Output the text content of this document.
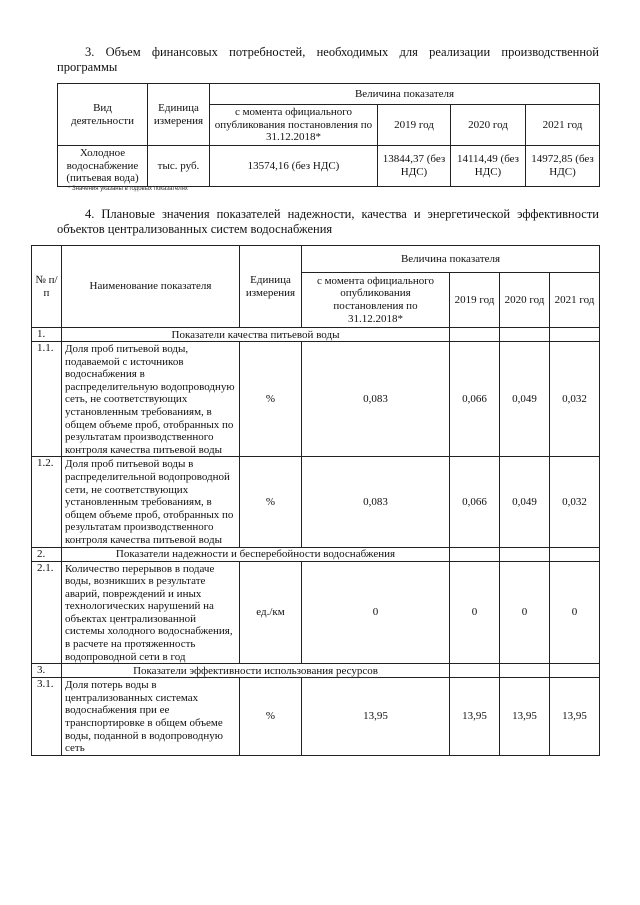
3. Объем финансовых потребностей, необходимых для реализации производственной программы

Вид деятельности	Единица измерения	Величина показателя			
		с момента официального опубликования постановления по 31.12.2018*	2019 год	2020 год	2021 год
Холодное водоснабжение (питьевая вода)	тыс. руб.	13574,16 (без НДС)	13844,37 (без НДС)	14114,49 (без НДС)	14972,85 (без НДС)
* Значения указаны в годовых показателях

4. Плановые значения показателей надежности, качества и энергетической эффективности объектов централизованных систем водоснабжения

№ п/п	Наименование показателя	Единица измерения	Величина показателя			
			с момента официального опубликования постановления по 31.12.2018*	2019 год	2020 год	2021 год
1.	Показатели качества питьевой воды					
1.1.	Доля проб питьевой воды, подаваемой с источников водоснабжения в распределительную водопроводную сеть, не соответствующих установленным требованиям, в общем объеме проб, отобранных по результатам производственного контроля качества питьевой воды	%	0,083	0,066	0,049	0,032
1.2.	Доля проб питьевой воды в распределительной водопроводной сети, не соответствующих установленным требованиям, в общем объеме проб, отобранных по результатам производственного контроля качества питьевой воды	%	0,083	0,066	0,049	0,032
2.	Показатели надежности и бесперебойности водоснабжения					
2.1.	Количество перерывов в подаче воды, возникших в результате аварий, повреждений и иных технологических нарушений на объектах централизованной системы холодного водоснабжения, в расчете на протяженность водопроводной сети в год	ед./км	0	0	0	0
3.	Показатели эффективности использования ресурсов					
3.1.	Доля потерь воды в централизованных системах водоснабжения при ее транспортировке в общем объеме воды, поданной в водопроводную сеть	%	13,95	13,95	13,95	13,95
